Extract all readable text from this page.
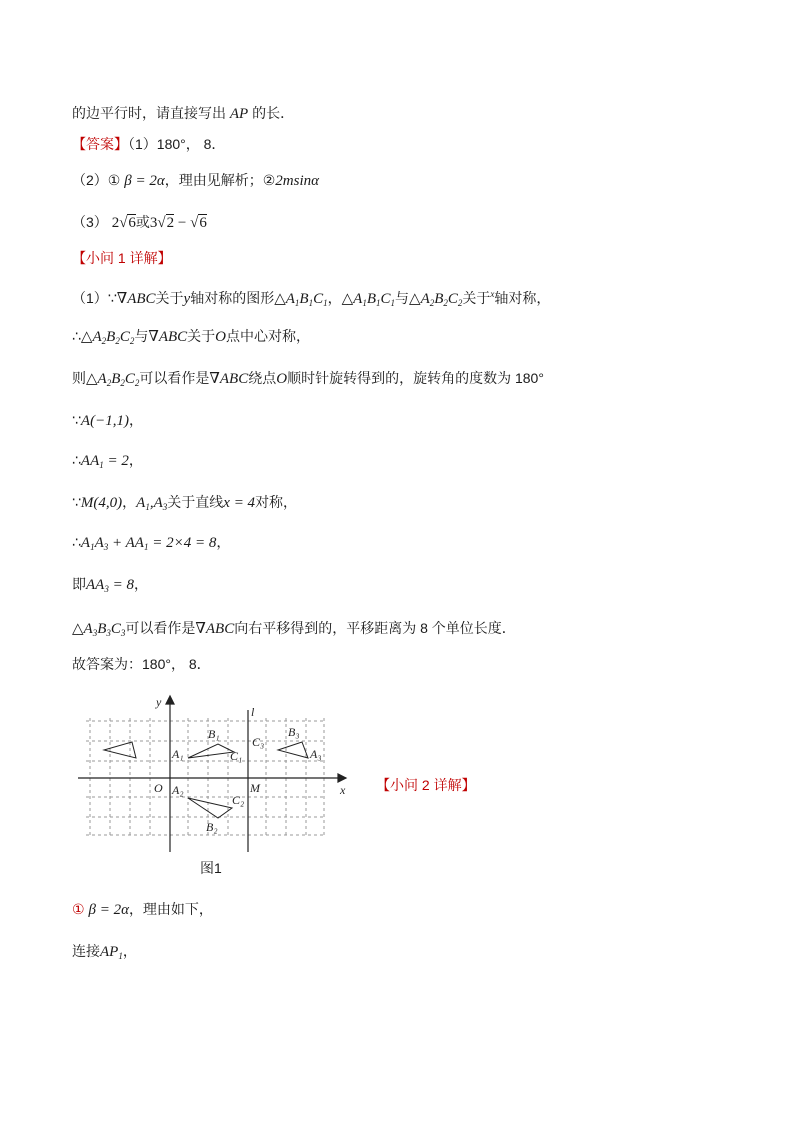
的边平行时，请直接写出 AP 的长．
【答案】（1）180°， 8．
（2）① β = 2α，理由见解析；②2msinα
（3） 2√6或3√2 − √6
【小问 1 详解】
（1）∵∇ABC关于y轴对称的图形$\triangle A_1B_1C_1$，$\triangle A_1B_1C_1$与$\triangle A_2B_2C_2$关于$^x$轴对称，
$\therefore\triangle A_2B_2C_2$与∇ABC关于O点中心对称，
则$\triangle A_2B_2C_2$可以看作是∇ABC绕点O顺时针旋转得到的，旋转角的度数为 180°
∵A(−1,1)，
$\therefore AA_1 = 2$，
∵M(4,0)，$A_1,A_3$关于直线x = 4对称，
$\therefore A_1A_3 + AA_1 = 2\times 4 = 8$，
即$AA_3 = 8$，
$\triangle A_3B_3C_3$可以看作是∇ABC向右平移得到的，平移距离为 8 个单位长度．
故答案为：180°， 8．
y
x
l
O	M
A₁
B₁
C₁
A₂
C₂
B₂
C₃
B₃
A₃
图1
【小问 2 详解】
① β = 2α，理由如下，
连接$AP_1$，
